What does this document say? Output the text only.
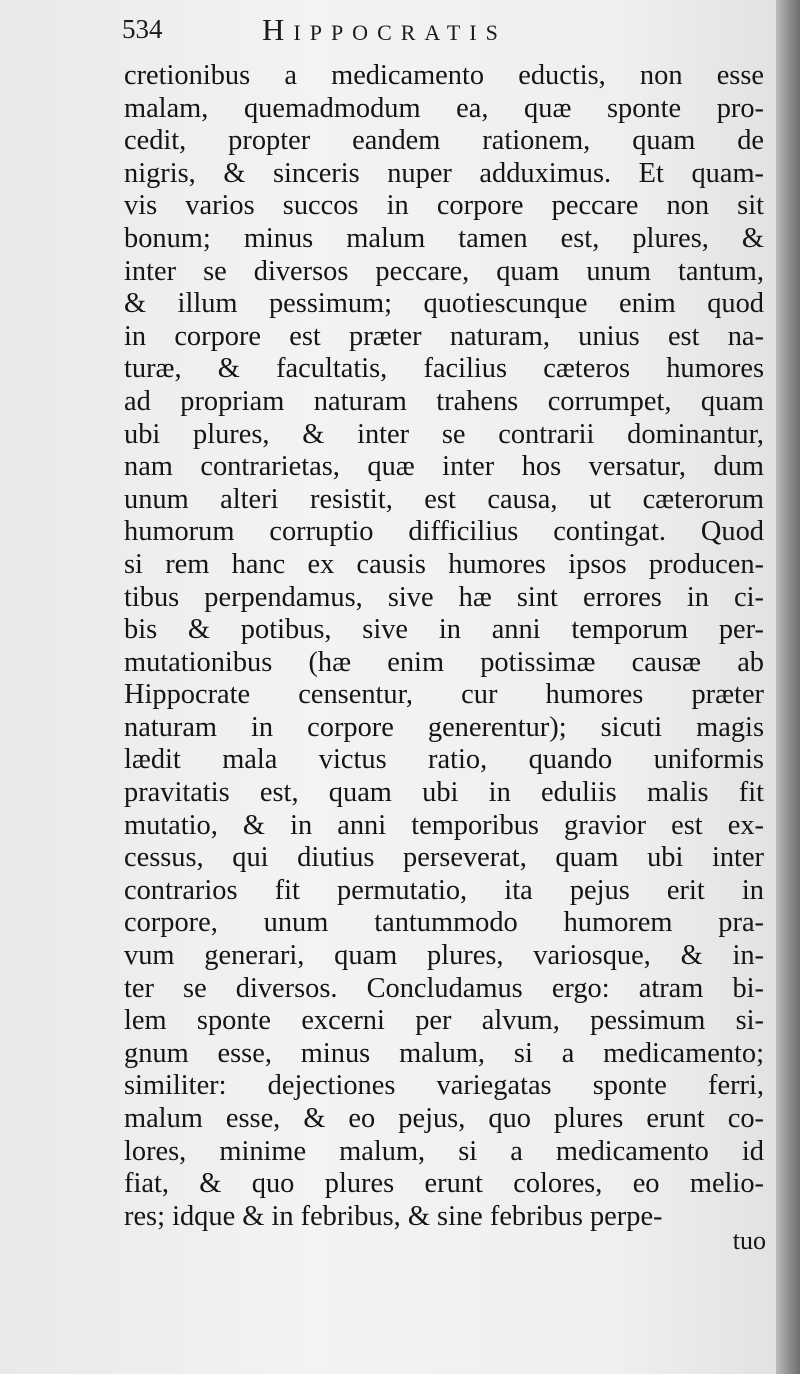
534	Hippocratis
cretionibus a medicamento eductis, non esse
malam, quemadmodum ea, quæ sponte pro-
cedit, propter eandem rationem, quam de
nigris, & sinceris nuper adduximus. Et quam-
vis varios succos in corpore peccare non sit
bonum; minus malum tamen est, plures, &
inter se diversos peccare, quam unum tantum,
& illum pessimum; quotiescunque enim quod
in corpore est præter naturam, unius est na-
turæ, & facultatis, facilius cæteros humores
ad propriam naturam trahens corrumpet, quam
ubi plures, & inter se contrarii dominantur,
nam contrarietas, quæ inter hos versatur, dum
unum alteri resistit, est causa, ut cæterorum
humorum corruptio difficilius contingat. Quod
si rem hanc ex causis humores ipsos producen-
tibus perpendamus, sive hæ sint errores in ci-
bis & potibus, sive in anni temporum per-
mutationibus (hæ enim potissimæ causæ ab
Hippocrate censentur, cur humores præter
naturam in corpore generentur); sicuti magis
lædit mala victus ratio, quando uniformis
pravitatis est, quam ubi in eduliis malis fit
mutatio, & in anni temporibus gravior est ex-
cessus, qui diutius perseverat, quam ubi inter
contrarios fit permutatio, ita pejus erit in
corpore, unum tantummodo humorem pra-
vum generari, quam plures, variosque, & in-
ter se diversos. Concludamus ergo: atram bi-
lem sponte excerni per alvum, pessimum si-
gnum esse, minus malum, si a medicamento;
similiter: dejectiones variegatas sponte ferri,
malum esse, & eo pejus, quo plures erunt co-
lores, minime malum, si a medicamento id
fiat, & quo plures erunt colores, eo melio-
res; idque & in febribus, & sine febribus perpe-
tuo
